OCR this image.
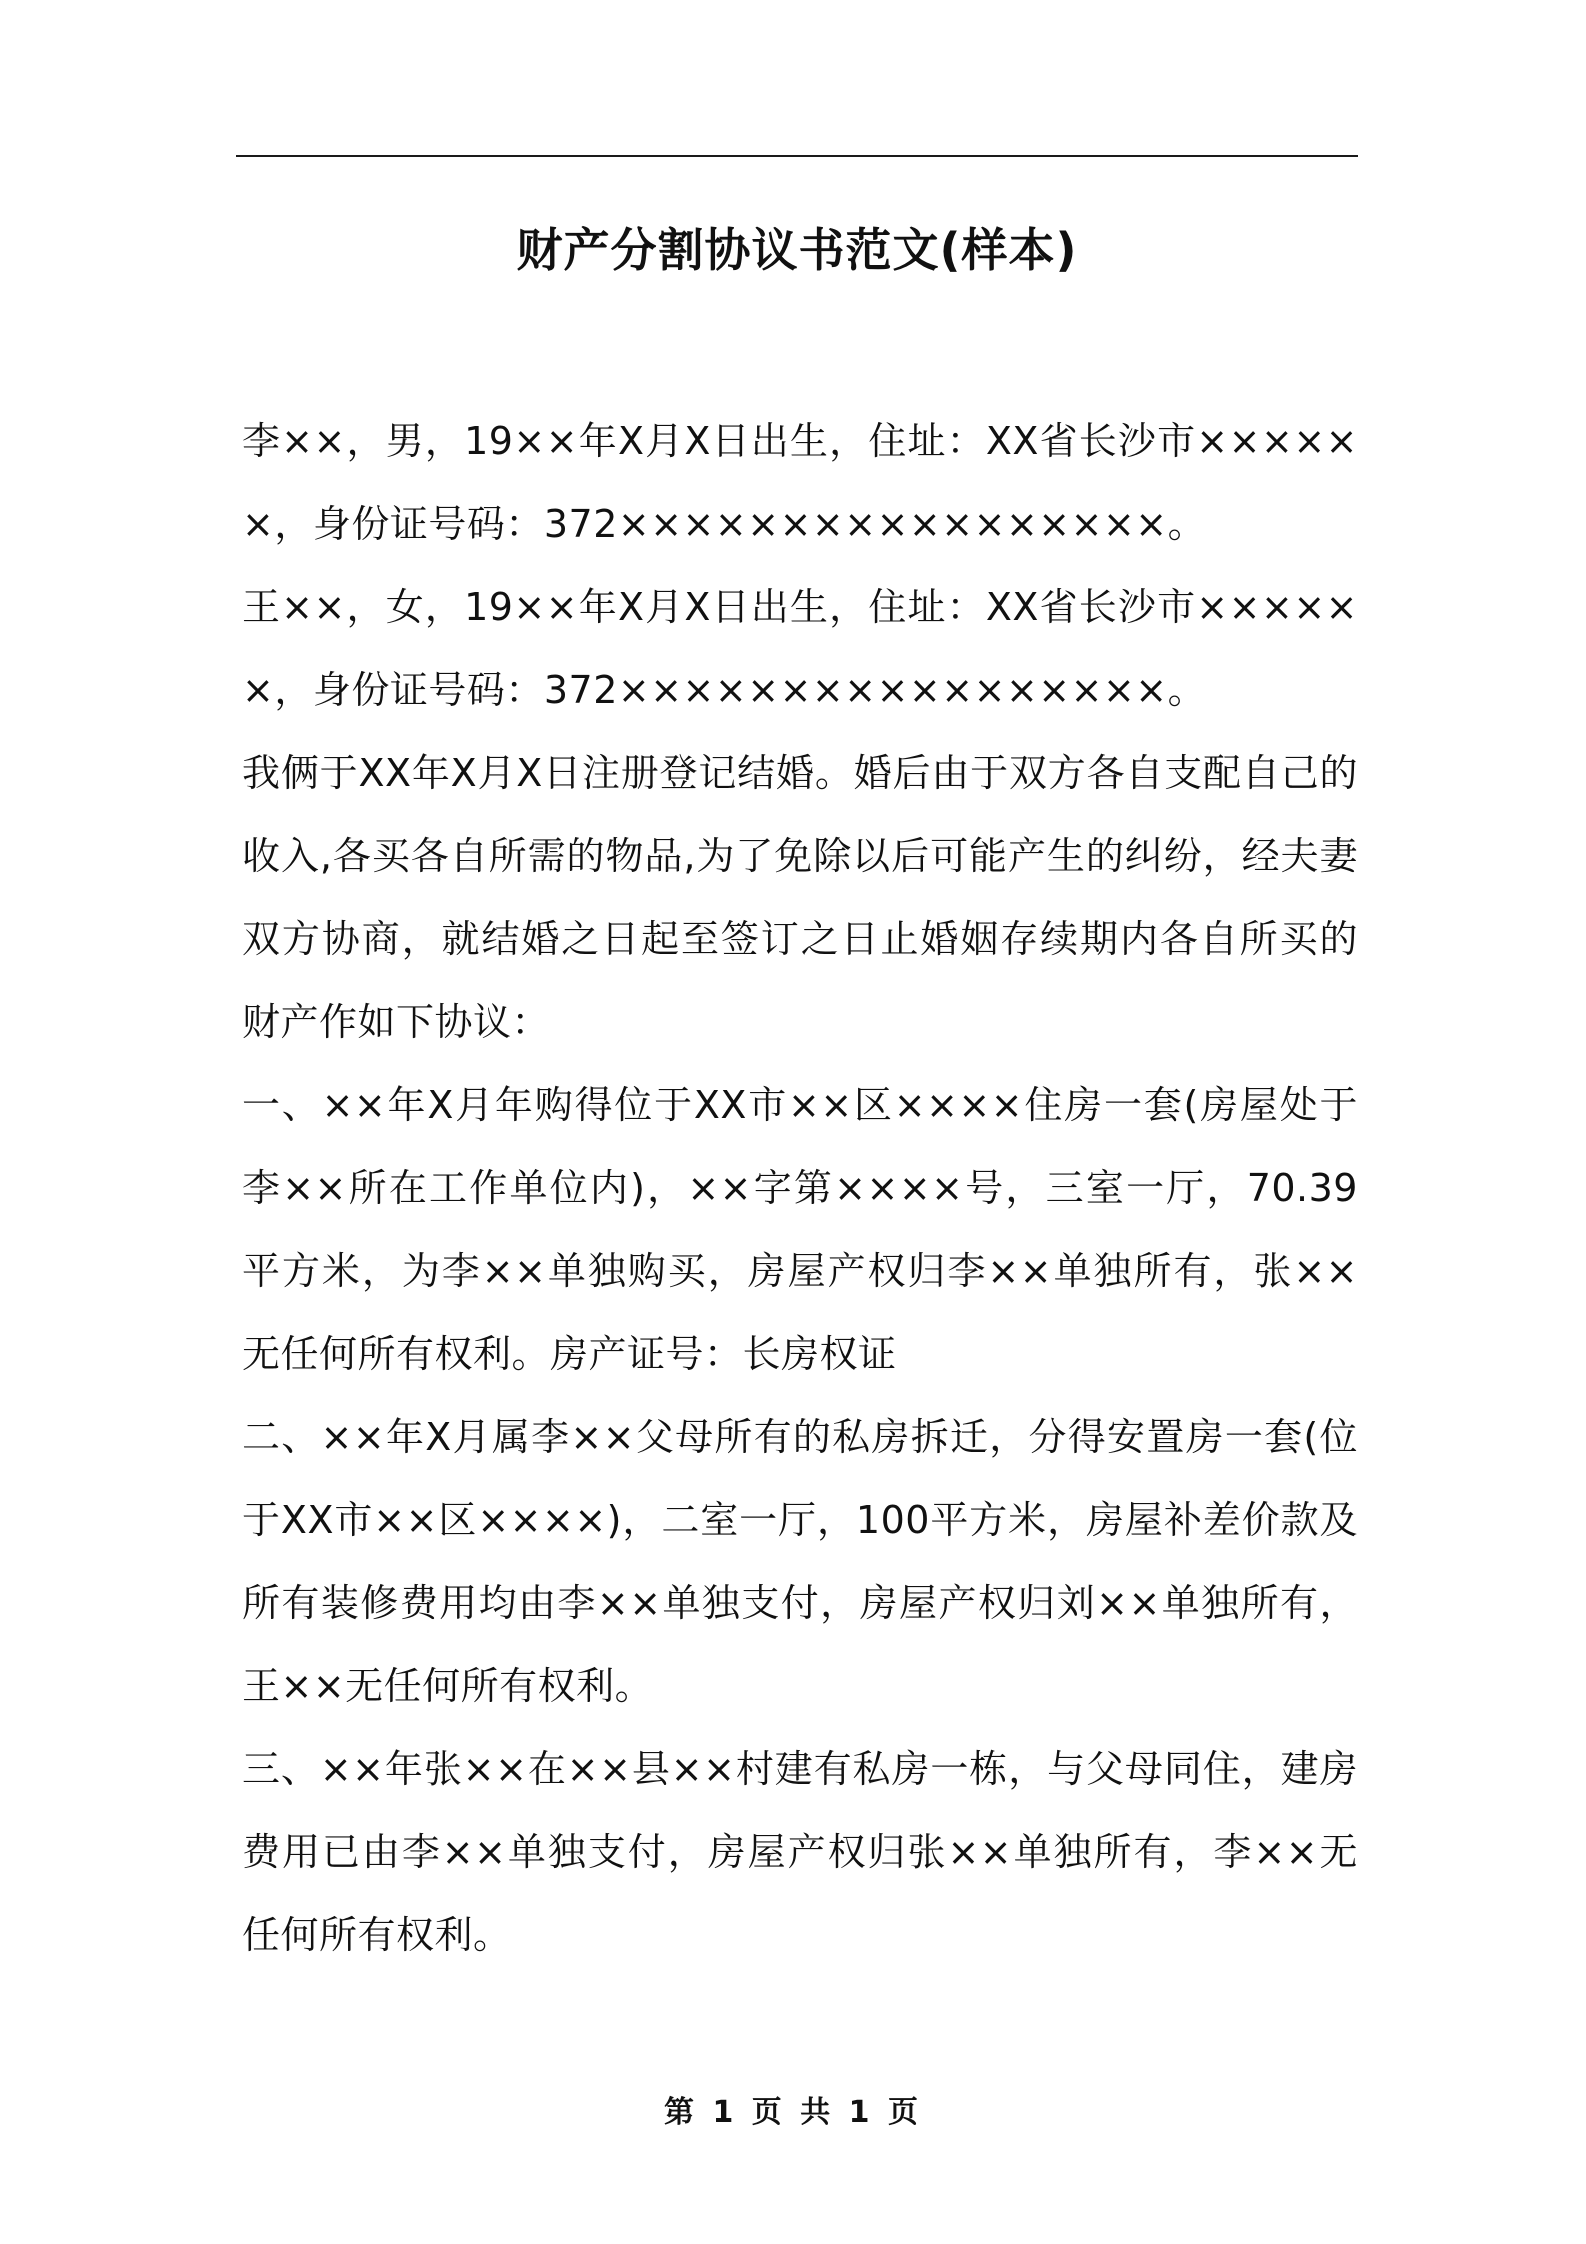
财产分割协议书范文(样本)

李××，男，19××年X月X日出生，住址：XX省长沙市××××××，身份证号码：372×××××××××××××××××。

王××，女，19××年X月X日出生，住址：XX省长沙市××××××，身份证号码：372×××××××××××××××××。

我俩于XX年X月X日注册登记结婚。婚后由于双方各自支配自己的收入,各买各自所需的物品,为了免除以后可能产生的纠纷，经夫妻双方协商，就结婚之日起至签订之日止婚姻存续期内各自所买的财产作如下协议：

一、××年X月年购得位于XX市××区××××住房一套(房屋处于李××所在工作单位内)，××字第××××号，三室一厅，70.39平方米，为李××单独购买，房屋产权归李××单独所有，张××无任何所有权利。房产证号：长房权证

二、××年X月属李××父母所有的私房拆迁，分得安置房一套(位于XX市××区××××)，二室一厅，100平方米，房屋补差价款及所有装修费用均由李××单独支付，房屋产权归刘××单独所有，王××无任何所有权利。

三、××年张××在××县××村建有私房一栋，与父母同住，建房费用已由李××单独支付，房屋产权归张××单独所有，李××无任何所有权利。

第 1 页 共 1 页
